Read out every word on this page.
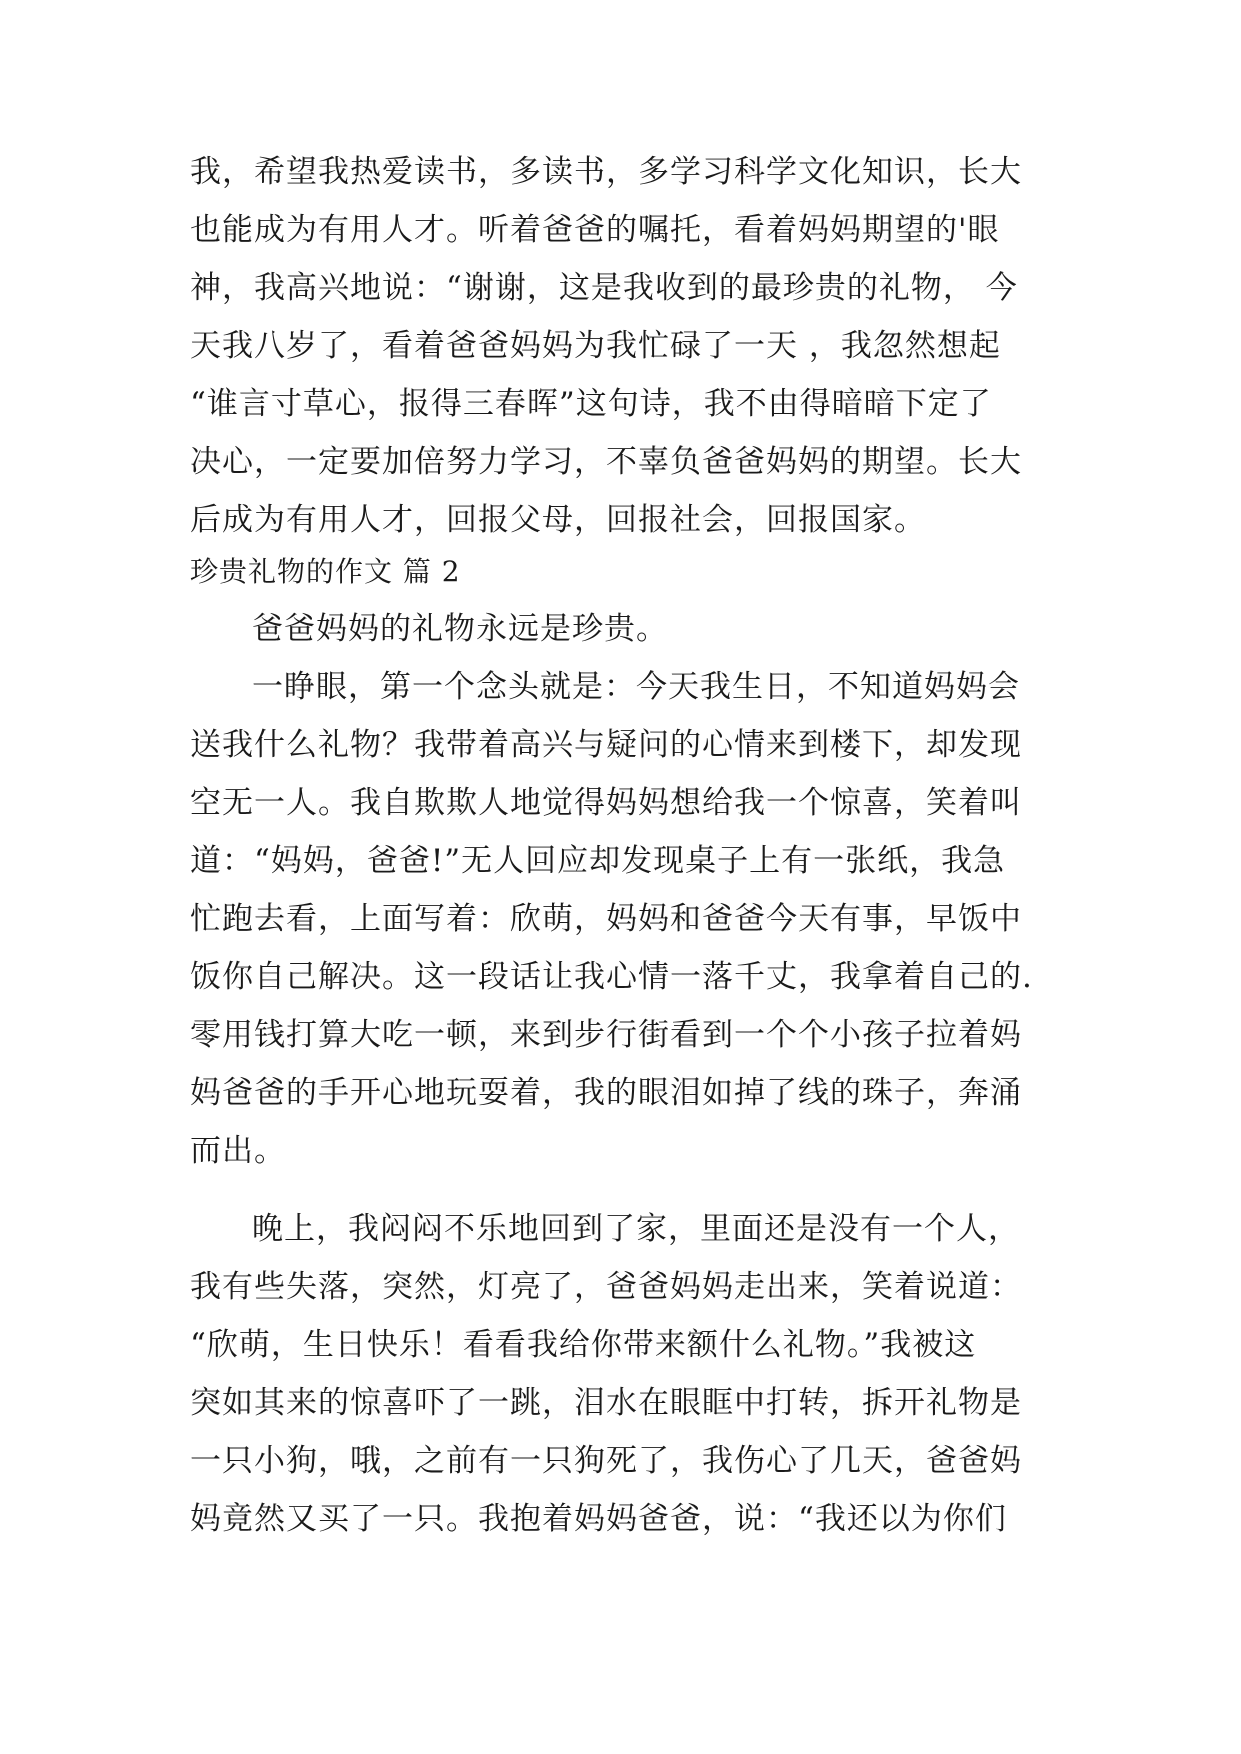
我，希望我热爱读书，多读书，多学习科学文化知识，长大
也能成为有用人才。听着爸爸的嘱托，看着妈妈期望的'眼
神，我高兴地说：“谢谢，这是我收到的最珍贵的礼物， 今
天我八岁了，看着爸爸妈妈为我忙碌了一天 ，我忽然想起
“谁言寸草心，报得三春晖”这句诗，我不由得暗暗下定了
决心，一定要加倍努力学习，不辜负爸爸妈妈的期望。长大
后成为有用人才，回报父母，回报社会，回报国家。
珍贵礼物的作文 篇 2
爸爸妈妈的礼物永远是珍贵。
一睁眼，第一个念头就是：今天我生日，不知道妈妈会
送我什么礼物？我带着高兴与疑问的心情来到楼下，却发现
空无一人。我自欺欺人地觉得妈妈想给我一个惊喜，笑着叫
道：“妈妈，爸爸!”无人回应却发现桌子上有一张纸，我急
忙跑去看，上面写着：欣萌，妈妈和爸爸今天有事，早饭中
饭你自己解决。这一段话让我心情一落千丈，我拿着自己的.
零用钱打算大吃一顿，来到步行街看到一个个小孩子拉着妈
妈爸爸的手开心地玩耍着，我的眼泪如掉了线的珠子，奔涌
而出。
晚上，我闷闷不乐地回到了家，里面还是没有一个人，
我有些失落，突然，灯亮了，爸爸妈妈走出来，笑着说道：
“欣萌，生日快乐！看看我给你带来额什么礼物。”我被这
突如其来的惊喜吓了一跳，泪水在眼眶中打转，拆开礼物是
一只小狗，哦，之前有一只狗死了，我伤心了几天，爸爸妈
妈竟然又买了一只。我抱着妈妈爸爸，说：“我还以为你们
